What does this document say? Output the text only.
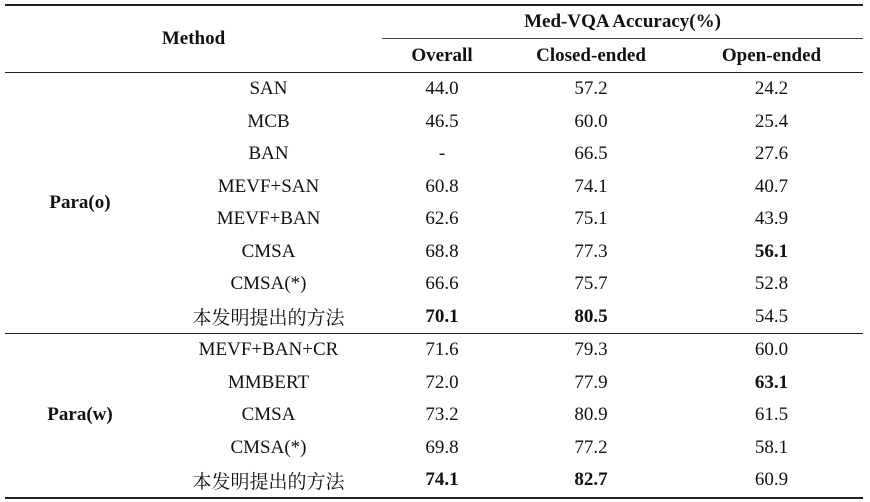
Method		Med-VQA Accuracy(%)		
		Overall	Closed-ended	Open-ended
Para(o)	SAN	44.0	57.2	24.2
	MCB	46.5	60.0	25.4
	BAN	-	66.5	27.6
	MEVF+SAN	60.8	74.1	40.7
	MEVF+BAN	62.6	75.1	43.9
	CMSA	68.8	77.3	56.1
	CMSA(*)	66.6	75.7	52.8
	本发明提出的方法	70.1	80.5	54.5
Para(w)	MEVF+BAN+CR	71.6	79.3	60.0
	MMBERT	72.0	77.9	63.1
	CMSA	73.2	80.9	61.5
	CMSA(*)	69.8	77.2	58.1
	本发明提出的方法	74.1	82.7	60.9
